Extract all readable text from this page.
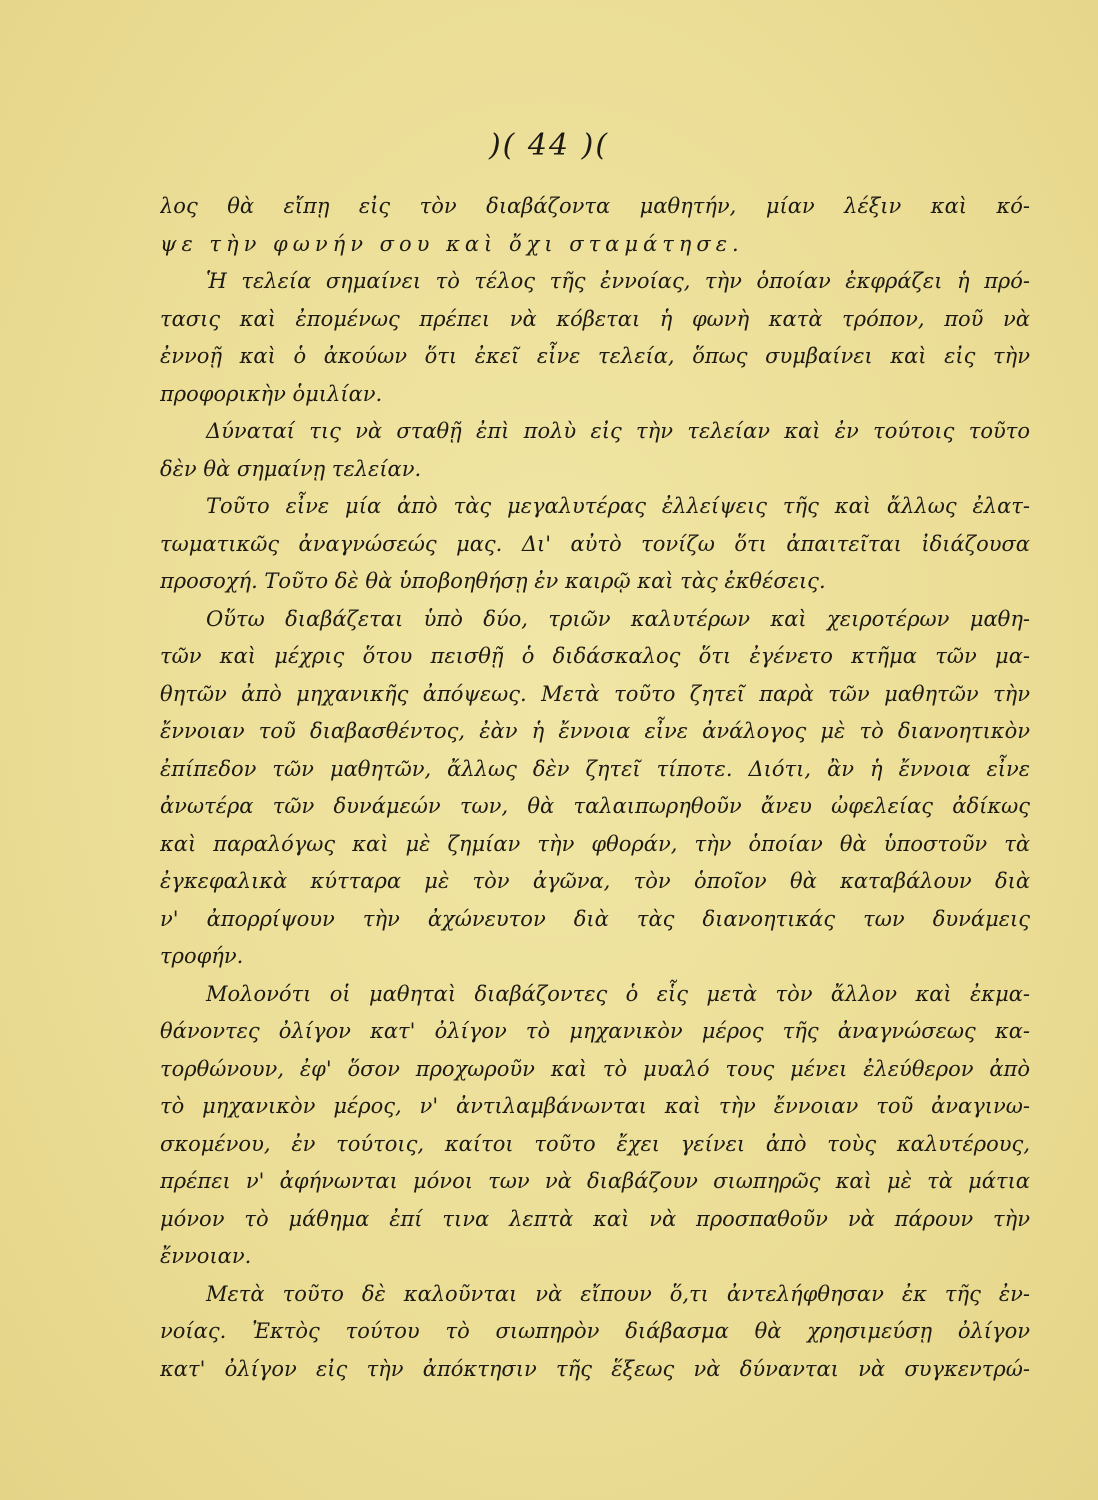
)( 44 )(
λος θὰ εἴπῃ εἰς τὸν διαβάζοντα μαθητήν, μίαν λέξιν καὶ κό-
ψε τὴν φωνήν σου καὶ ὄχι σταμάτησε.
Ἡ τελεία σημαίνει τὸ τέλος τῆς ἐννοίας, τὴν ὁποίαν ἐκφράζει ἡ πρό-
τασις καὶ ἐπομένως πρέπει νὰ κόβεται ἡ φωνὴ κατὰ τρόπον, ποῦ νὰ
ἐννοῇ καὶ ὁ ἀκούων ὅτι ἐκεῖ εἶνε τελεία, ὅπως συμβαίνει καὶ εἰς τὴν
προφορικὴν ὁμιλίαν.
Δύναταί τις νὰ σταθῇ ἐπὶ πολὺ εἰς τὴν τελείαν καὶ ἐν τούτοις τοῦτο
δὲν θὰ σημαίνῃ τελείαν.
Τοῦτο εἶνε μία ἀπὸ τὰς μεγαλυτέρας ἐλλείψεις τῆς καὶ ἄλλως ἐλατ-
τωματικῶς ἀναγνώσεώς μας. Δι' αὐτὸ τονίζω ὅτι ἀπαιτεῖται ἰδιάζουσα
προσοχή. Τοῦτο δὲ θὰ ὑποβοηθήσῃ ἐν καιρῷ καὶ τὰς ἐκθέσεις.
Οὕτω διαβάζεται ὑπὸ δύο, τριῶν καλυτέρων καὶ χειροτέρων μαθη-
τῶν καὶ μέχρις ὅτου πεισθῇ ὁ διδάσκαλος ὅτι ἐγένετο κτῆμα τῶν μα-
θητῶν ἀπὸ μηχανικῆς ἀπόψεως. Μετὰ τοῦτο ζητεῖ παρὰ τῶν μαθητῶν τὴν
ἔννοιαν τοῦ διαβασθέντος, ἐὰν ἡ ἔννοια εἶνε ἀνάλογος μὲ τὸ διανοητικὸν
ἐπίπεδον τῶν μαθητῶν, ἄλλως δὲν ζητεῖ τίποτε. Διότι, ἂν ἡ ἔννοια εἶνε
ἀνωτέρα τῶν δυνάμεών των, θὰ ταλαιπωρηθοῦν ἄνευ ὠφελείας ἀδίκως
καὶ παραλόγως καὶ μὲ ζημίαν τὴν φθοράν, τὴν ὁποίαν θὰ ὑποστοῦν τὰ
ἐγκεφαλικὰ κύτταρα μὲ τὸν ἀγῶνα, τὸν ὁποῖον θὰ καταβάλουν διὰ
ν' ἀπορρίψουν τὴν ἀχώνευτον διὰ τὰς διανοητικάς των δυνάμεις
τροφήν.
Μολονότι οἱ μαθηταὶ διαβάζοντες ὁ εἷς μετὰ τὸν ἄλλον καὶ ἐκμα-
θάνοντες ὀλίγον κατ' ὀλίγον τὸ μηχανικὸν μέρος τῆς ἀναγνώσεως κα-
τορθώνουν, ἐφ' ὅσον προχωροῦν καὶ τὸ μυαλό τους μένει ἐλεύθερον ἀπὸ
τὸ μηχανικὸν μέρος, ν' ἀντιλαμβάνωνται καὶ τὴν ἔννοιαν τοῦ ἀναγινω-
σκομένου, ἐν τούτοις, καίτοι τοῦτο ἔχει γείνει ἀπὸ τοὺς καλυτέρους,
πρέπει ν' ἀφήνωνται μόνοι των νὰ διαβάζουν σιωπηρῶς καὶ μὲ τὰ μάτια
μόνον τὸ μάθημα ἐπί τινα λεπτὰ καὶ νὰ προσπαθοῦν νὰ πάρουν τὴν
ἔννοιαν.
Μετὰ τοῦτο δὲ καλοῦνται νὰ εἴπουν ὅ,τι ἀντελήφθησαν ἐκ τῆς ἐν-
νοίας. Ἐκτὸς τούτου τὸ σιωπηρὸν διάβασμα θὰ χρησιμεύσῃ ὀλίγον
κατ' ὀλίγον εἰς τὴν ἀπόκτησιν τῆς ἕξεως νὰ δύνανται νὰ συγκεντρώ-
